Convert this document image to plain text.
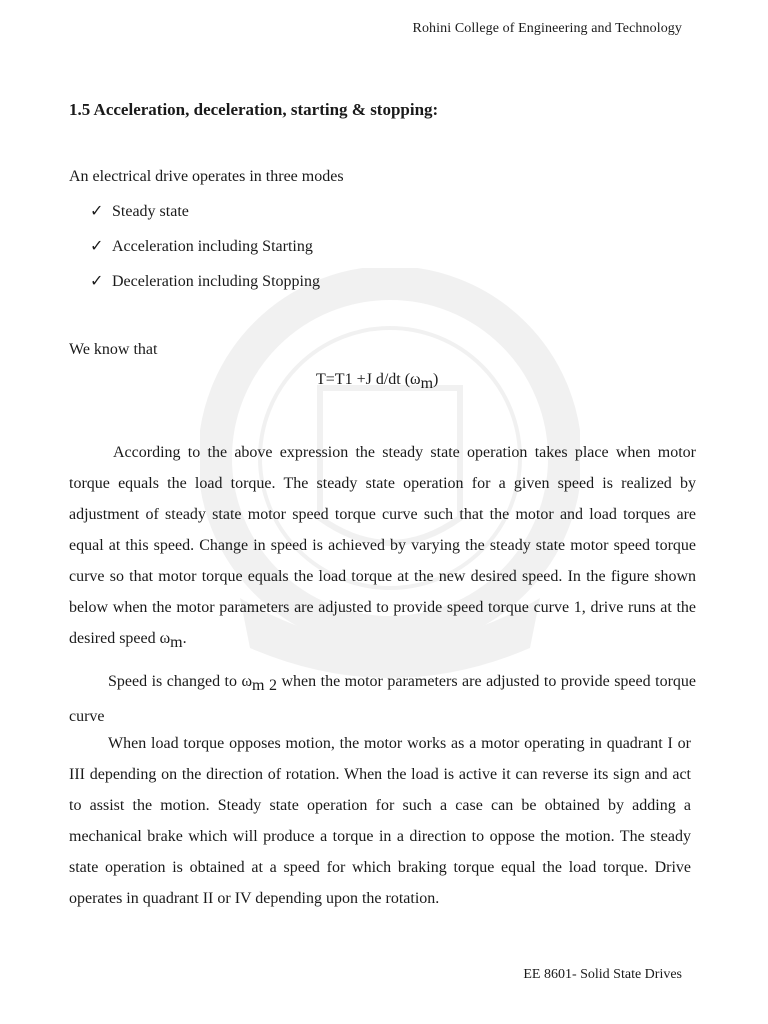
Rohini College of Engineering and Technology
1.5 Acceleration, deceleration, starting & stopping:
An electrical drive operates in three modes
✓ Steady state
✓ Acceleration including Starting
✓ Deceleration including Stopping
We know that
T=T1 +J d/dt (ωm)

According to the above expression the steady state operation takes place when motor torque equals the load torque. The steady state operation for a given speed is realized by adjustment of steady state motor speed torque curve such that the motor and load torques are equal at this speed. Change in speed is achieved by varying the steady state motor speed torque curve so that motor torque equals the load torque at the new desired speed. In the figure shown below when the motor parameters are adjusted to provide speed torque curve 1, drive runs at the desired speed ωm.

Speed is changed to ωm 2 when the motor parameters are adjusted to provide speed torque curve

When load torque opposes motion, the motor works as a motor operating in quadrant I or III depending on the direction of rotation. When the load is active it can reverse its sign and act to assist the motion. Steady state operation for such a case can be obtained by adding a mechanical brake which will produce a torque in a direction to oppose the motion. The steady state operation is obtained at a speed for which braking torque equal the load torque. Drive operates in quadrant II or IV depending upon the rotation.

EE 8601- Solid State Drives
